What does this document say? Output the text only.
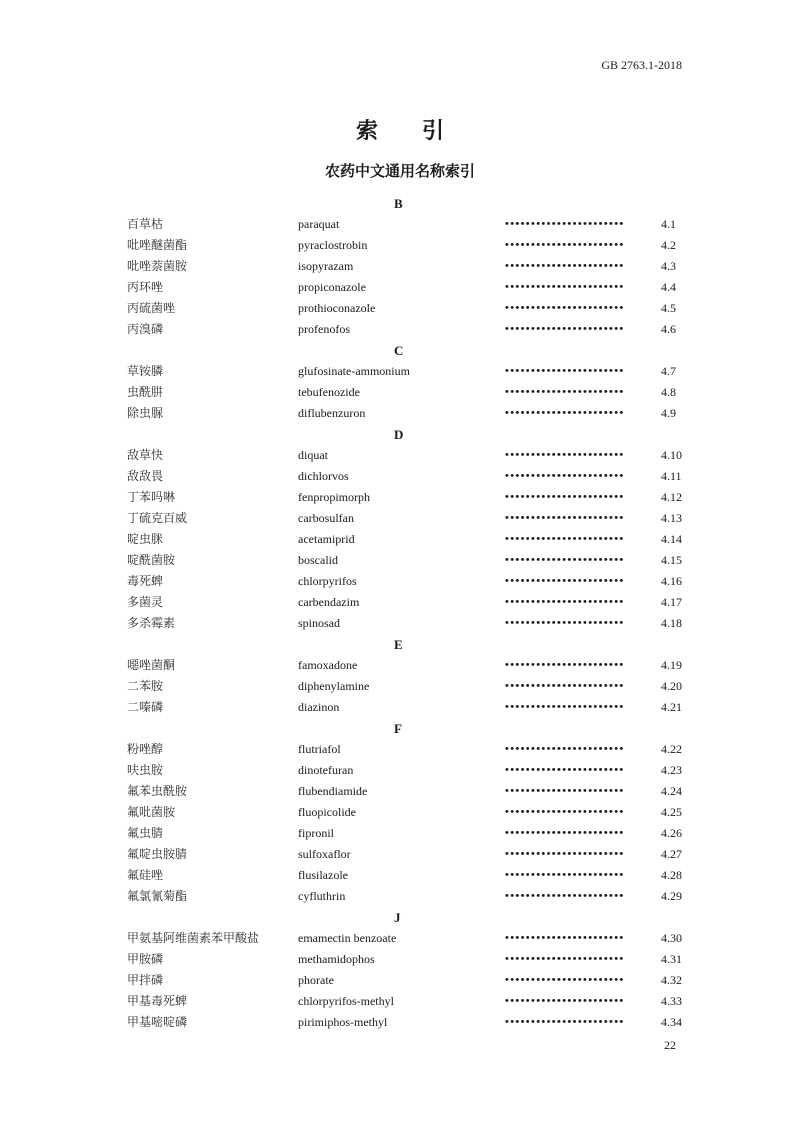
GB 2763.1-2018
索 引
农药中文通用名称索引
B
百草枯	paraquat	•••••••••••••••••••••••	4.1
吡唑醚菌酯	pyraclostrobin	•••••••••••••••••••••••	4.2
吡唑萘菌胺	isopyrazam	•••••••••••••••••••••••	4.3
丙环唑	propiconazole	•••••••••••••••••••••••	4.4
丙硫菌唑	prothioconazole	•••••••••••••••••••••••	4.5
丙溴磷	profenofos	•••••••••••••••••••••••	4.6
C
草铵膦	glufosinate-ammonium	•••••••••••••••••••••••	4.7
虫酰肼	tebufenozide	•••••••••••••••••••••••	4.8
除虫脲	diflubenzuron	•••••••••••••••••••••••	4.9
D
敌草快	diquat	•••••••••••••••••••••••	4.10
敌敌畏	dichlorvos	•••••••••••••••••••••••	4.11
丁苯吗啉	fenpropimorph	•••••••••••••••••••••••	4.12
丁硫克百威	carbosulfan	•••••••••••••••••••••••	4.13
啶虫脒	acetamiprid	•••••••••••••••••••••••	4.14
啶酰菌胺	boscalid	•••••••••••••••••••••••	4.15
毒死蜱	chlorpyrifos	•••••••••••••••••••••••	4.16
多菌灵	carbendazim	•••••••••••••••••••••••	4.17
多杀霉素	spinosad	•••••••••••••••••••••••	4.18
E
噁唑菌酮	famoxadone	•••••••••••••••••••••••	4.19
二苯胺	diphenylamine	•••••••••••••••••••••••	4.20
二嗪磷	diazinon	•••••••••••••••••••••••	4.21
F
粉唑醇	flutriafol	•••••••••••••••••••••••	4.22
呋虫胺	dinotefuran	•••••••••••••••••••••••	4.23
氟苯虫酰胺	flubendiamide	•••••••••••••••••••••••	4.24
氟吡菌胺	fluopicolide	•••••••••••••••••••••••	4.25
氟虫腈	fipronil	•••••••••••••••••••••••	4.26
氟啶虫胺腈	sulfoxaflor	•••••••••••••••••••••••	4.27
氟硅唑	flusilazole	•••••••••••••••••••••••	4.28
氟氯氰菊酯	cyfluthrin	•••••••••••••••••••••••	4.29
J
甲氨基阿维菌素苯甲酸盐	emamectin benzoate	•••••••••••••••••••••••	4.30
甲胺磷	methamidophos	•••••••••••••••••••••••	4.31
甲拌磷	phorate	•••••••••••••••••••••••	4.32
甲基毒死蜱	chlorpyrifos-methyl	•••••••••••••••••••••••	4.33
甲基嘧啶磷	pirimiphos-methyl	•••••••••••••••••••••••	4.34
22
